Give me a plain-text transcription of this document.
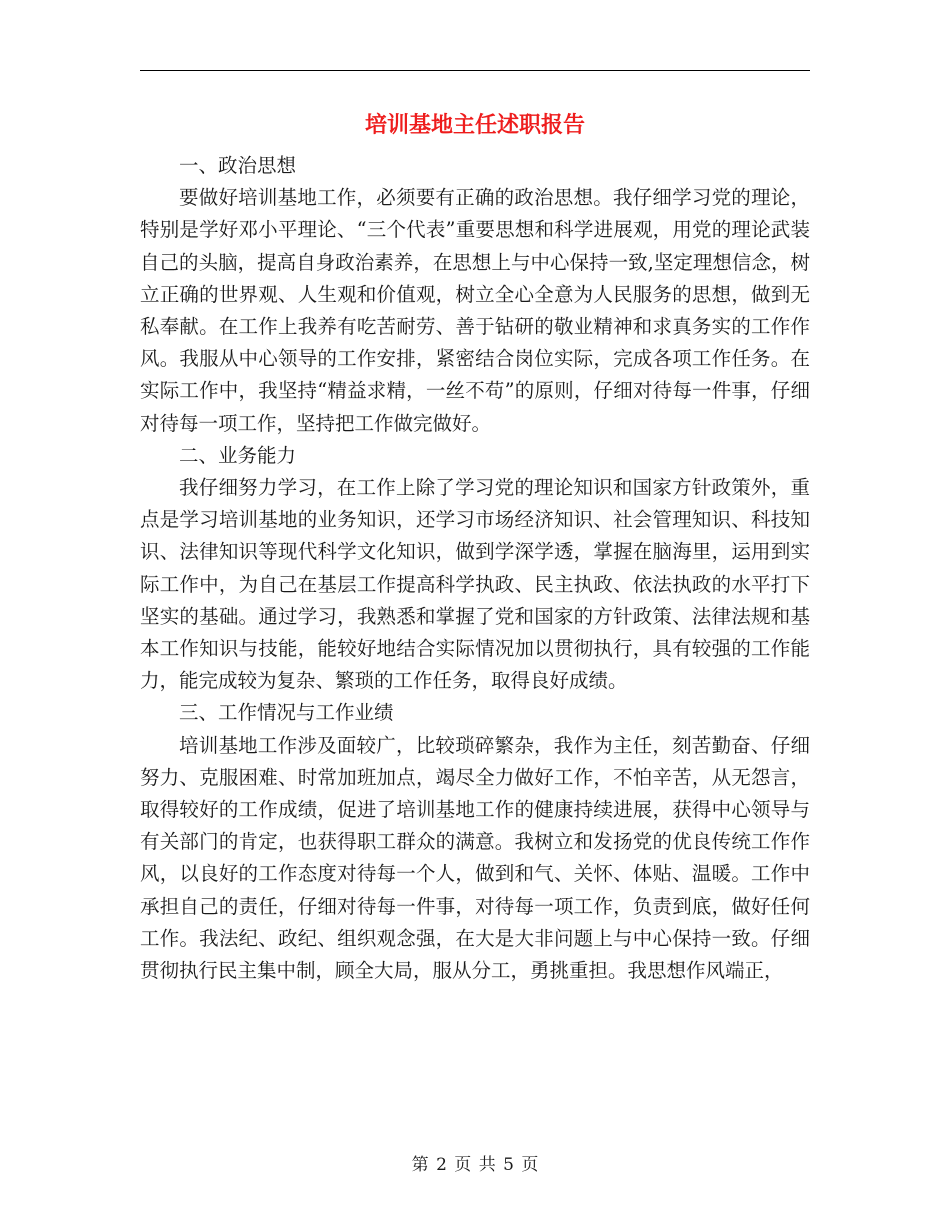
培训基地主任述职报告

一、政治思想

要做好培训基地工作，必须要有正确的政治思想。我仔细学习党的理论，特别是学好邓小平理论、“三个代表”重要思想和科学进展观，用党的理论武装自己的头脑，提高自身政治素养，在思想上与中心保持一致,坚定理想信念，树立正确的世界观、人生观和价值观，树立全心全意为人民服务的思想，做到无私奉献。在工作上我养有吃苦耐劳、善于钻研的敬业精神和求真务实的工作作风。我服从中心领导的工作安排，紧密结合岗位实际，完成各项工作任务。在实际工作中，我坚持“精益求精，一丝不苟”的原则，仔细对待每一件事，仔细对待每一项工作，坚持把工作做完做好。

二、业务能力

我仔细努力学习，在工作上除了学习党的理论知识和国家方针政策外，重点是学习培训基地的业务知识，还学习市场经济知识、社会管理知识、科技知识、法律知识等现代科学文化知识，做到学深学透，掌握在脑海里，运用到实际工作中，为自己在基层工作提高科学执政、民主执政、依法执政的水平打下坚实的基础。通过学习，我熟悉和掌握了党和国家的方针政策、法律法规和基本工作知识与技能，能较好地结合实际情况加以贯彻执行，具有较强的工作能力，能完成较为复杂、繁琐的工作任务，取得良好成绩。

三、工作情况与工作业绩

培训基地工作涉及面较广，比较琐碎繁杂，我作为主任，刻苦勤奋、仔细努力、克服困难、时常加班加点，竭尽全力做好工作，不怕辛苦，从无怨言，取得较好的工作成绩，促进了培训基地工作的健康持续进展，获得中心领导与有关部门的肯定，也获得职工群众的满意。我树立和发扬党的优良传统工作作风，以良好的工作态度对待每一个人，做到和气、关怀、体贴、温暖。工作中承担自己的责任，仔细对待每一件事，对待每一项工作，负责到底，做好任何工作。我法纪、政纪、组织观念强，在大是大非问题上与中心保持一致。仔细贯彻执行民主集中制，顾全大局，服从分工，勇挑重担。我思想作风端正，

第 2 页 共 5 页
